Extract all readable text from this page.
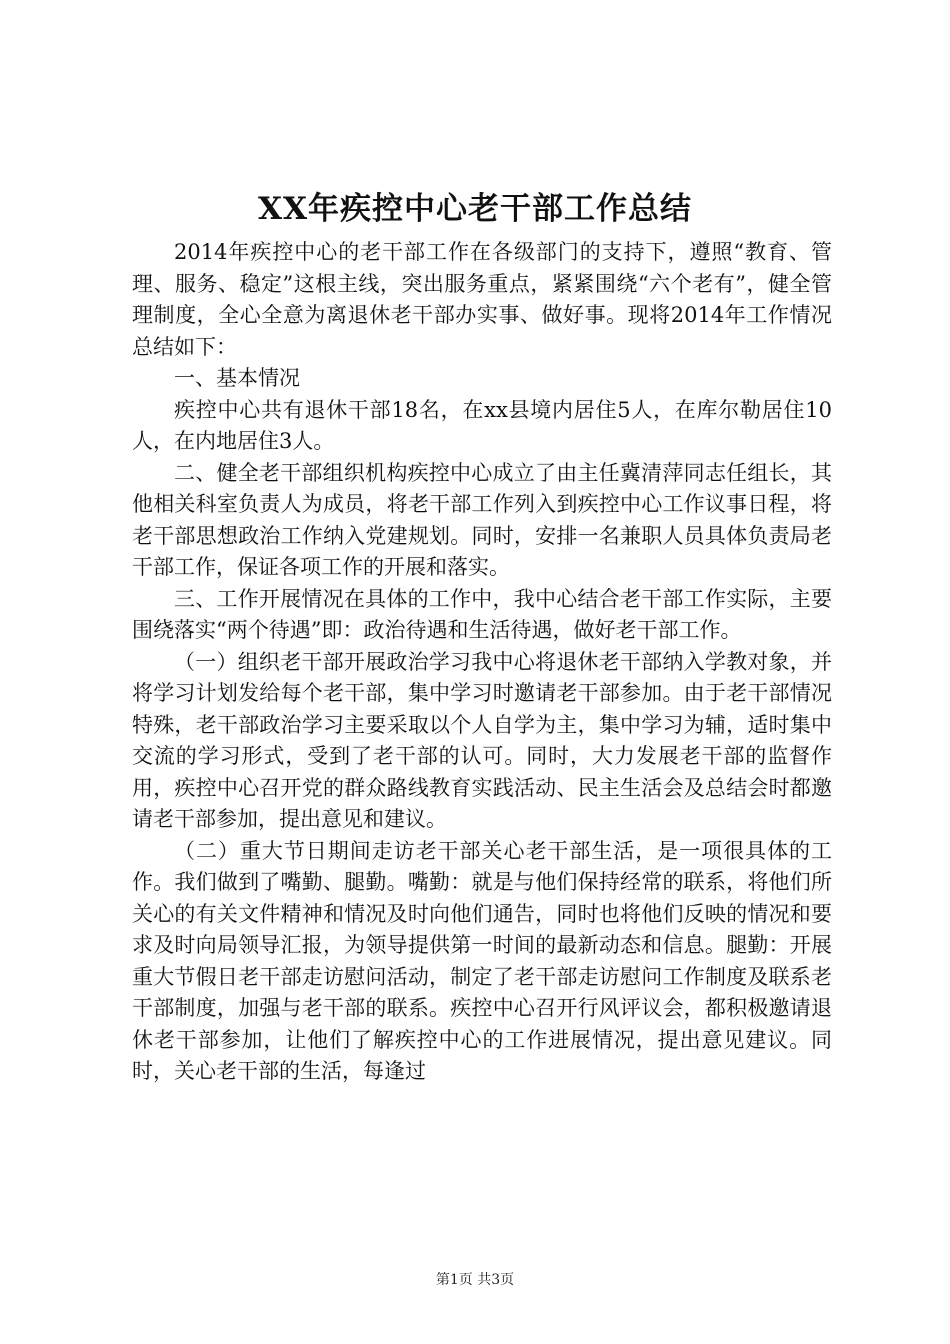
XX年疾控中心老干部工作总结

2014年疾控中心的老干部工作在各级部门的支持下，遵照“教育、管理、服务、稳定”这根主线，突出服务重点，紧紧围绕“六个老有”，健全管理制度，全心全意为离退休老干部办实事、做好事。现将2014年工作情况总结如下：

一、基本情况

疾控中心共有退休干部18名，在xx县境内居住5人，在库尔勒居住10人，在内地居住3人。

二、健全老干部组织机构疾控中心成立了由主任冀清萍同志任组长，其他相关科室负责人为成员，将老干部工作列入到疾控中心工作议事日程，将老干部思想政治工作纳入党建规划。同时，安排一名兼职人员具体负责局老干部工作，保证各项工作的开展和落实。

三、工作开展情况在具体的工作中，我中心结合老干部工作实际，主要围绕落实“两个待遇”即：政治待遇和生活待遇，做好老干部工作。

（一）组织老干部开展政治学习我中心将退休老干部纳入学教对象，并将学习计划发给每个老干部，集中学习时邀请老干部参加。由于老干部情况特殊，老干部政治学习主要采取以个人自学为主，集中学习为辅，适时集中交流的学习形式，受到了老干部的认可。同时，大力发展老干部的监督作用，疾控中心召开党的群众路线教育实践活动、民主生活会及总结会时都邀请老干部参加，提出意见和建议。

（二）重大节日期间走访老干部关心老干部生活，是一项很具体的工作。我们做到了嘴勤、腿勤。嘴勤：就是与他们保持经常的联系，将他们所关心的有关文件精神和情况及时向他们通告，同时也将他们反映的情况和要求及时向局领导汇报，为领导提供第一时间的最新动态和信息。腿勤：开展重大节假日老干部走访慰问活动，制定了老干部走访慰问工作制度及联系老干部制度，加强与老干部的联系。疾控中心召开行风评议会，都积极邀请退休老干部参加，让他们了解疾控中心的工作进展情况，提出意见建议。同时，关心老干部的生活，每逢过

第1页 共3页
